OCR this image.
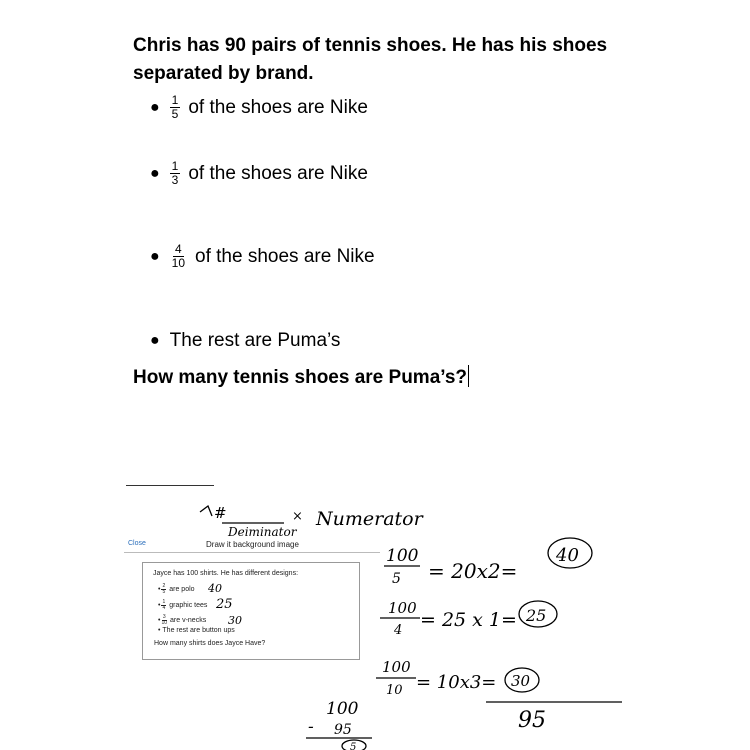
Chris has 90 pairs of tennis shoes. He has his shoes separated by brand.
● $\frac{1}{5}$ of the shoes are Nike
● $\frac{1}{3}$ of the shoes are Nike
● $\frac{4}{10}$ of the shoes are Nike
● The rest are Puma’s
How many tennis shoes are Puma’s?
Close	Draw it background image
Jayce has 100 shirts. He has different designs:
• 2
5 are polo
• 1
4 graphic tees
• 3
10 are v-necks
•
The rest are button ups
How many shirts does Jayce Have?
#	× Numerator
Deiminator
40
25
30
100
5 = 20x2=
40
100
4 = 25 x 1= 25
100
10 = 10x3= 30
95
100
- 95
5
